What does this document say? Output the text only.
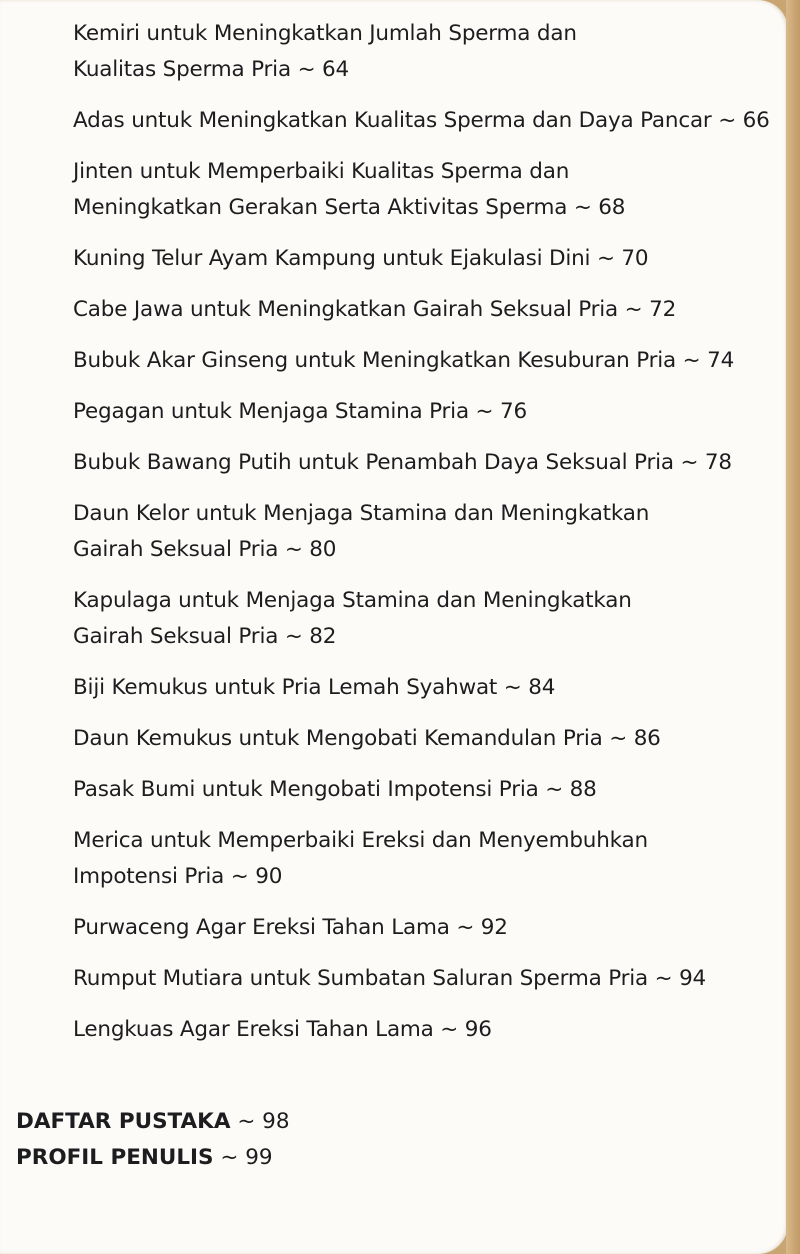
Kemiri untuk Meningkatkan Jumlah Sperma dan
Kualitas Sperma Pria ~ 64
Adas untuk Meningkatkan Kualitas Sperma dan Daya Pancar ~ 66
Jinten untuk Memperbaiki Kualitas Sperma dan
Meningkatkan Gerakan Serta Aktivitas Sperma ~ 68
Kuning Telur Ayam Kampung untuk Ejakulasi Dini ~ 70
Cabe Jawa untuk Meningkatkan Gairah Seksual Pria ~ 72
Bubuk Akar Ginseng untuk Meningkatkan Kesuburan Pria ~ 74
Pegagan untuk Menjaga Stamina Pria ~ 76
Bubuk Bawang Putih untuk Penambah Daya Seksual Pria ~ 78
Daun Kelor untuk Menjaga Stamina dan Meningkatkan
Gairah Seksual Pria ~ 80
Kapulaga untuk Menjaga Stamina dan Meningkatkan
Gairah Seksual Pria ~ 82
Biji Kemukus untuk Pria Lemah Syahwat ~ 84
Daun Kemukus untuk Mengobati Kemandulan Pria ~ 86
Pasak Bumi untuk Mengobati Impotensi Pria ~ 88
Merica untuk Memperbaiki Ereksi dan Menyembuhkan
Impotensi Pria ~ 90
Purwaceng Agar Ereksi Tahan Lama ~ 92
Rumput Mutiara untuk Sumbatan Saluran Sperma Pria ~ 94
Lengkuas Agar Ereksi Tahan Lama ~ 96
DAFTAR PUSTAKA ~ 98
PROFIL PENULIS ~ 99
